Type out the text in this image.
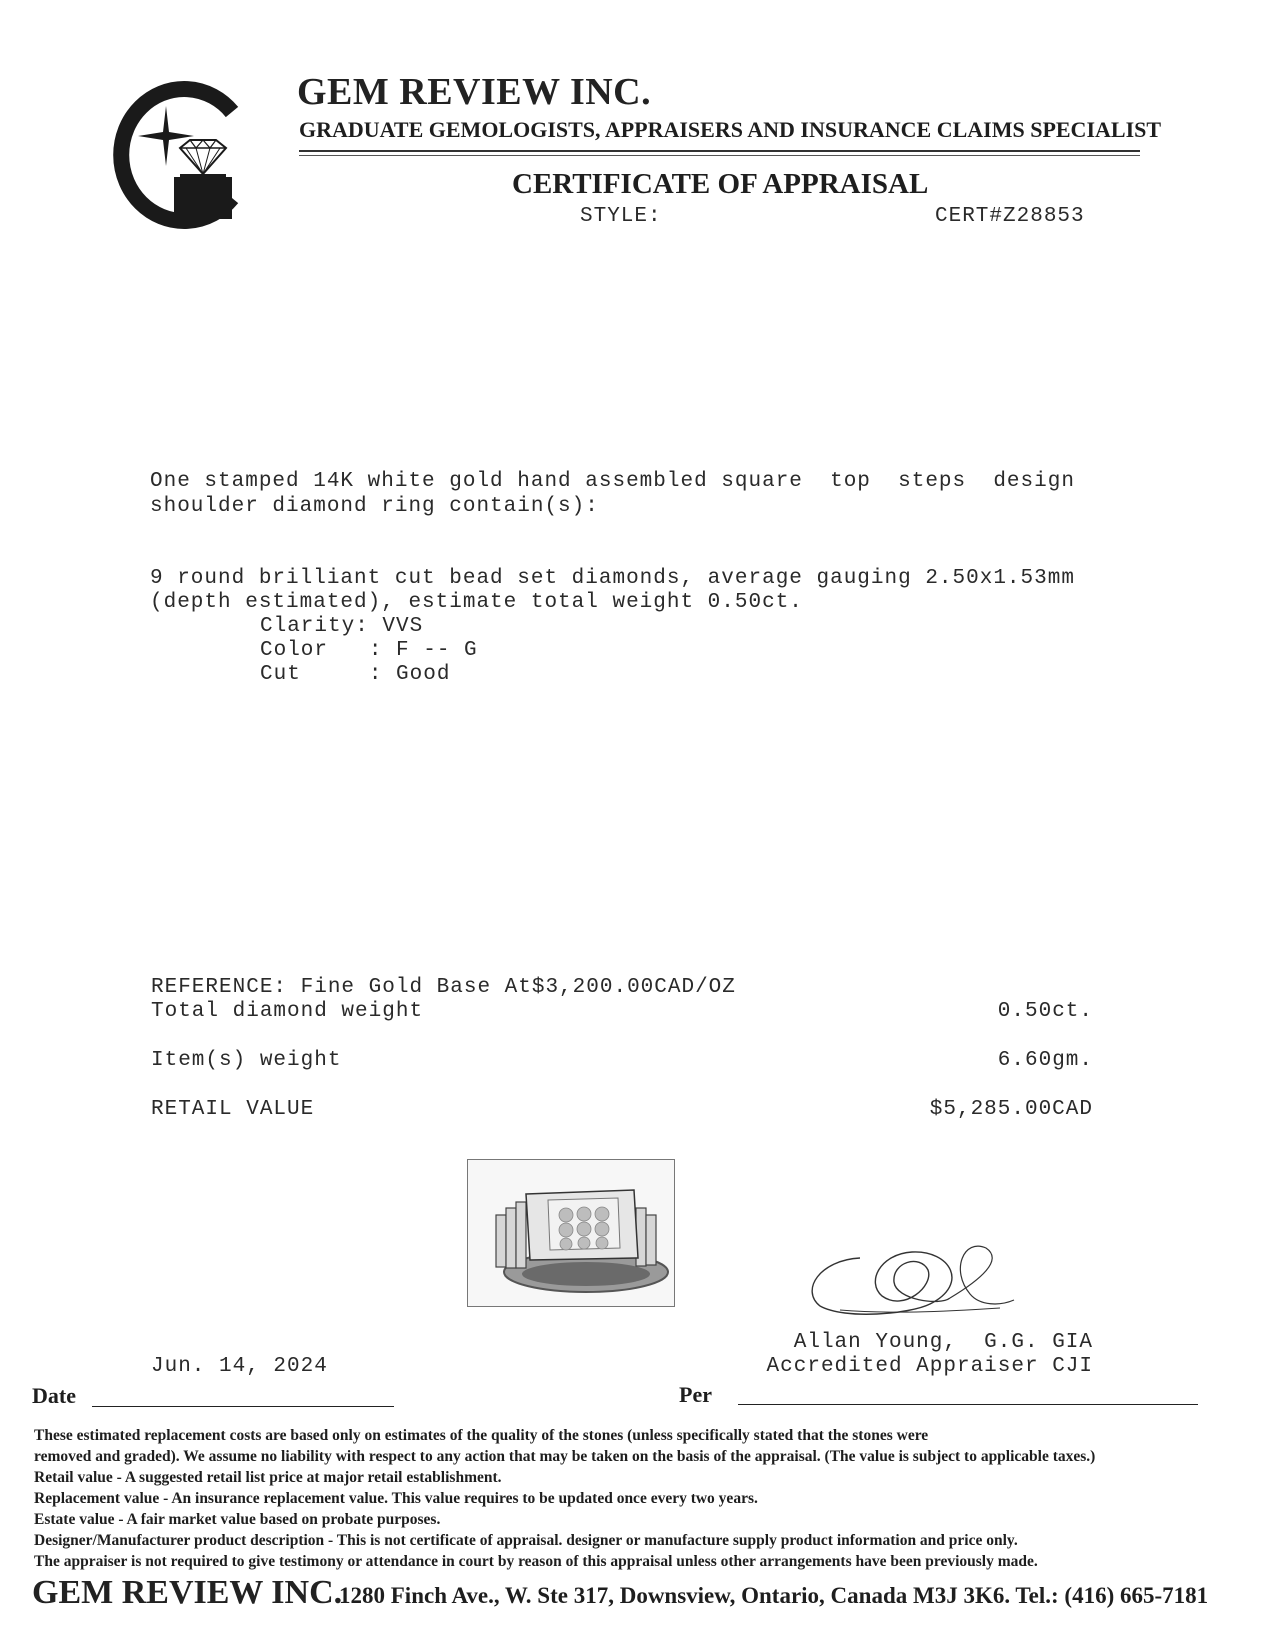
GEM REVIEW INC.
GRADUATE GEMOLOGISTS, APPRAISERS AND INSURANCE CLAIMS SPECIALIST
CERTIFICATE OF APPRAISAL
STYLE:	CERT#Z28853
One stamped 14K white gold hand assembled square  top  steps  design
shoulder diamond ring contain(s):
9 round brilliant cut bead set diamonds, average gauging 2.50x1.53mm
(depth estimated), estimate total weight 0.50ct.
Clarity: VVS
Color   : F -- G
Cut     : Good
REFERENCE: Fine Gold Base At$3,200.00CAD/OZ
Total diamond weight	0.50ct.
Item(s) weight	6.60gm.
RETAIL VALUE	$5,285.00CAD
Jun. 14, 2024
Allan Young,  G.G. GIA
Accredited Appraiser CJI
Date	Per
These estimated replacement costs are based only on estimates of the quality of the stones (unless specifically stated that the stones were
removed and graded). We assume no liability with respect to any action that may be taken on the basis of the appraisal. (The value is subject to applicable taxes.)
Retail value - A suggested retail list price at major retail establishment.
Replacement value - An insurance replacement value. This value requires to be updated once every two years.
Estate value - A fair market value based on probate purposes.
Designer/Manufacturer product description - This is not certificate of appraisal. designer or manufacture supply product information and price only.
The appraiser is not required to give testimony or attendance in court by reason of this appraisal unless other arrangements have been previously made.
GEM REVIEW INC.
1280 Finch Ave., W. Ste 317, Downsview, Ontario, Canada M3J 3K6. Tel.: (416) 665-7181
